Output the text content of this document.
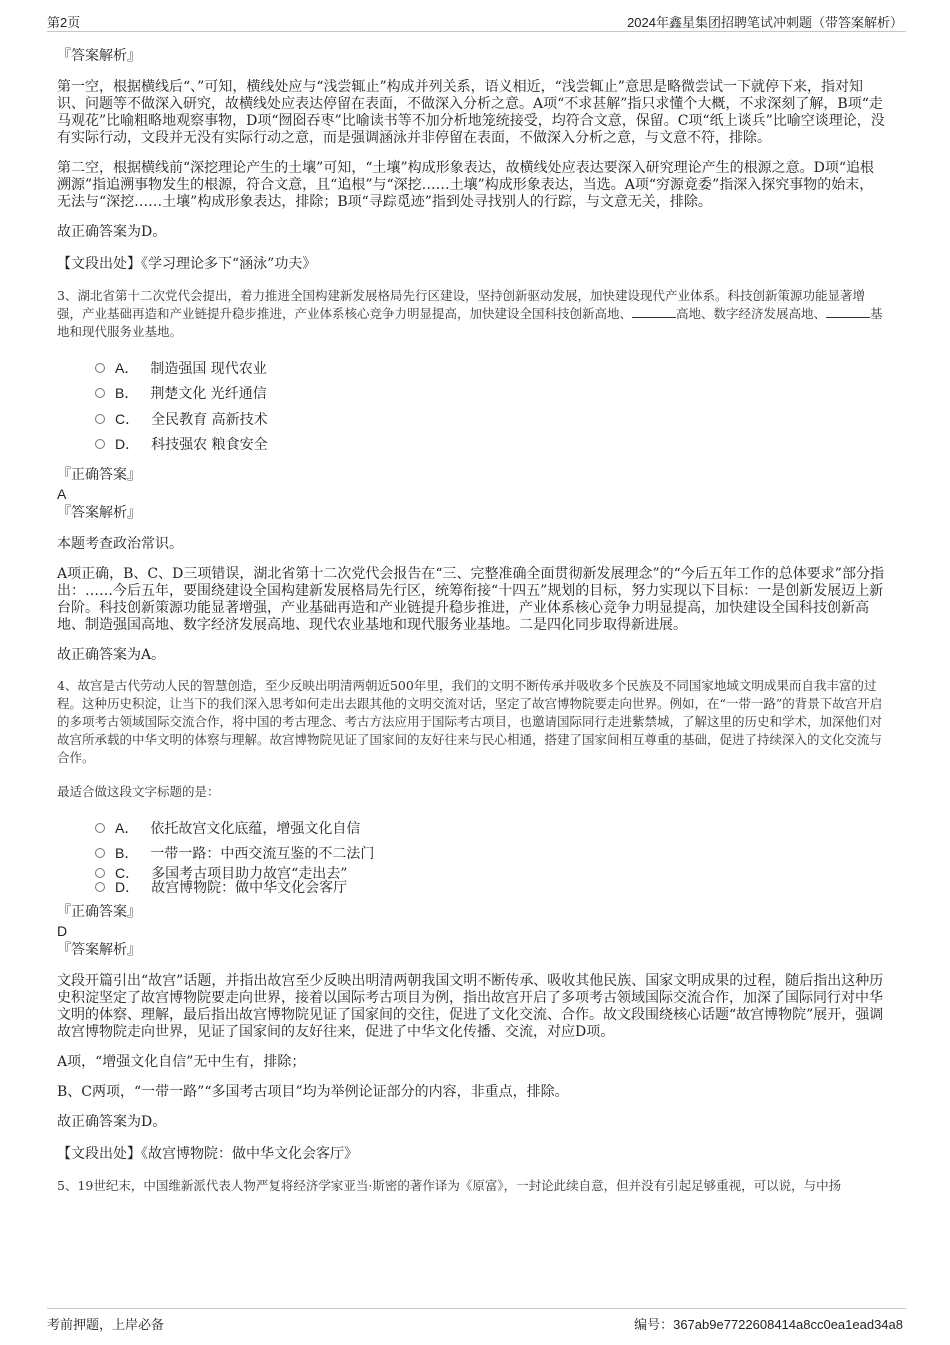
第2页	2024年鑫星集团招聘笔试冲刺题（带答案解析）

『答案解析』

第一空，根据横线后“、”可知，横线处应与“浅尝辄止”构成并列关系，语义相近，“浅尝辄止”意思是略微尝试一下就停下来，指对知识、问题等不做深入研究，故横线处应表达停留在表面，不做深入分析之意。A项“不求甚解”指只求懂个大概，不求深刻了解，B项“走马观花”比喻粗略地观察事物，D项“囫囵吞枣”比喻读书等不加分析地笼统接受，均符合文意，保留。C项“纸上谈兵”比喻空谈理论，没有实际行动，文段并无没有实际行动之意，而是强调涵泳并非停留在表面，不做深入分析之意，与文意不符，排除。

第二空，根据横线前“深挖理论产生的土壤”可知，“土壤”构成形象表达，故横线处应表达要深入研究理论产生的根源之意。D项“追根溯源”指追溯事物发生的根源，符合文意，且“追根”与“深挖……土壤”构成形象表达，当选。A项“穷源竟委”指深入探究事物的始末，无法与“深挖……土壤”构成形象表达，排除；B项“寻踪觅迹”指到处寻找别人的行踪，与文意无关，排除。

故正确答案为D。

【文段出处】《学习理论多下“涵泳”功夫》

3、湖北省第十二次党代会提出，着力推进全国构建新发展格局先行区建设，坚持创新驱动发展，加快建设现代产业体系。科技创新策源功能显著增强，产业基础再造和产业链提升稳步推进，产业体系核心竞争力明显提高，加快建设全国科技创新高地、	高地、数字经济发展高地、	基地和现代服务业基地。

A． 制造强国 现代农业
B． 荆楚文化 光纤通信
C． 全民教育 高新技术
D． 科技强农 粮食安全

『正确答案』

A

『答案解析』

本题考查政治常识。

A项正确，B、C、D三项错误，湖北省第十二次党代会报告在“三、完整准确全面贯彻新发展理念”的“今后五年工作的总体要求”部分指出：……今后五年，要围绕建设全国构建新发展格局先行区，统筹衔接“十四五”规划的目标，努力实现以下目标：一是创新发展迈上新台阶。科技创新策源功能显著增强，产业基础再造和产业链提升稳步推进，产业体系核心竞争力明显提高，加快建设全国科技创新高地、制造强国高地、数字经济发展高地、现代农业基地和现代服务业基地。二是四化同步取得新进展。

故正确答案为A。

4、故宫是古代劳动人民的智慧创造，至少反映出明清两朝近500年里，我们的文明不断传承并吸收多个民族及不同国家地域文明成果而自我丰富的过程。这种历史积淀，让当下的我们深入思考如何走出去跟其他的文明交流对话，坚定了故宫博物院要走向世界。例如，在“一带一路”的背景下故宫开启的多项考古领域国际交流合作，将中国的考古理念、考古方法应用于国际考古项目，也邀请国际同行走进紫禁城，了解这里的历史和学术，加深他们对故宫所承载的中华文明的体察与理解。故宫博物院见证了国家间的友好往来与民心相通，搭建了国家间相互尊重的基础，促进了持续深入的文化交流与合作。

最适合做这段文字标题的是：

A． 依托故宫文化底蕴，增强文化自信
B． 一带一路：中西交流互鉴的不二法门
C． 多国考古项目助力故宫“走出去”
D． 故宫博物院：做中华文化会客厅

『正确答案』

D

『答案解析』

文段开篇引出“故宫”话题，并指出故宫至少反映出明清两朝我国文明不断传承、吸收其他民族、国家文明成果的过程，随后指出这种历史积淀坚定了故宫博物院要走向世界，接着以国际考古项目为例，指出故宫开启了多项考古领域国际交流合作，加深了国际同行对中华文明的体察、理解，最后指出故宫博物院见证了国家间的交往，促进了文化交流、合作。故文段围绕核心话题“故宫博物院”展开，强调故宫博物院走向世界，见证了国家间的友好往来，促进了中华文化传播、交流，对应D项。

A项，“增强文化自信”无中生有，排除；

B、C两项，“一带一路”“多国考古项目”均为举例论证部分的内容，非重点，排除。

故正确答案为D。

【文段出处】《故宫博物院：做中华文化会客厅》

5、19世纪末，中国维新派代表人物严复将经济学家亚当·斯密的著作译为《原富》，一封论此续自意，但并没有引起足够重视，可以说，与中扬

考前押题，上岸必备	编号：367ab9e7722608414a8cc0ea1ead34a8
